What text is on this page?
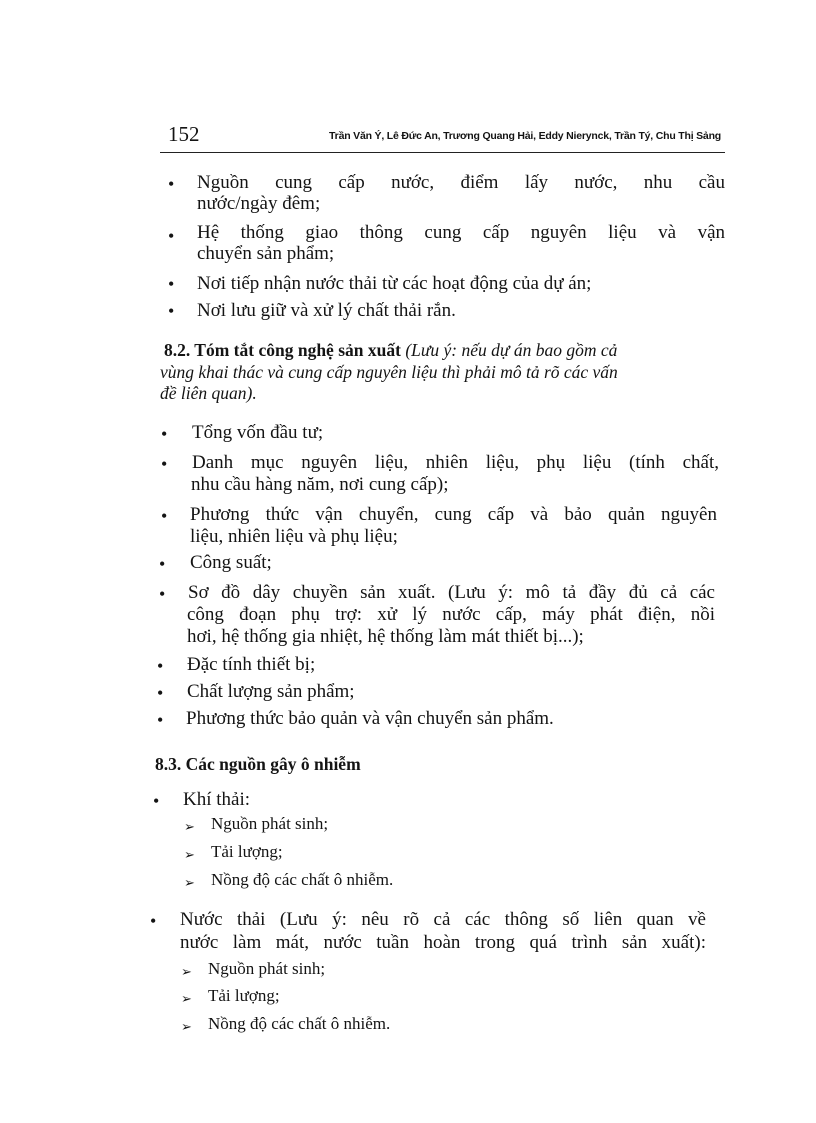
152	Trần Văn Ý, Lê Đức An, Trương Quang Hải, Eddy Nierynck, Trần Tý, Chu Thị Sảng
• Nguồn cung cấp nước, điểm lấy nước, nhu cầu
nước/ngày đêm;
• Hệ thống giao thông cung cấp nguyên liệu và vận
chuyển sản phẩm;
• Nơi tiếp nhận nước thải từ các hoạt động của dự án;
• Nơi lưu giữ và xử lý chất thải rắn.
8.2. Tóm tắt công nghệ sản xuất (Lưu ý: nếu dự án bao gồm cả
vùng khai thác và cung cấp nguyên liệu thì phải mô tả rõ các vấn
đề liên quan).
• Tổng vốn đầu tư;
• Danh mục nguyên liệu, nhiên liệu, phụ liệu (tính chất,
nhu cầu hàng năm, nơi cung cấp);
• Phương thức vận chuyển, cung cấp và bảo quản nguyên
liệu, nhiên liệu và phụ liệu;
• Công suất;
• Sơ đồ dây chuyền sản xuất. (Lưu ý: mô tả đầy đủ cả các
công đoạn phụ trợ: xử lý nước cấp, máy phát điện, nồi
hơi, hệ thống gia nhiệt, hệ thống làm mát thiết bị...);
• Đặc tính thiết bị;
• Chất lượng sản phẩm;
• Phương thức bảo quản và vận chuyển sản phẩm.
8.3. Các nguồn gây ô nhiễm
• Khí thải:
➢ Nguồn phát sinh;
➢ Tải lượng;
➢ Nồng độ các chất ô nhiễm.
• Nước thải (Lưu ý: nêu rõ cả các thông số liên quan về
nước làm mát, nước tuần hoàn trong quá trình sản xuất):
➢ Nguồn phát sinh;
➢ Tải lượng;
➢ Nồng độ các chất ô nhiễm.
